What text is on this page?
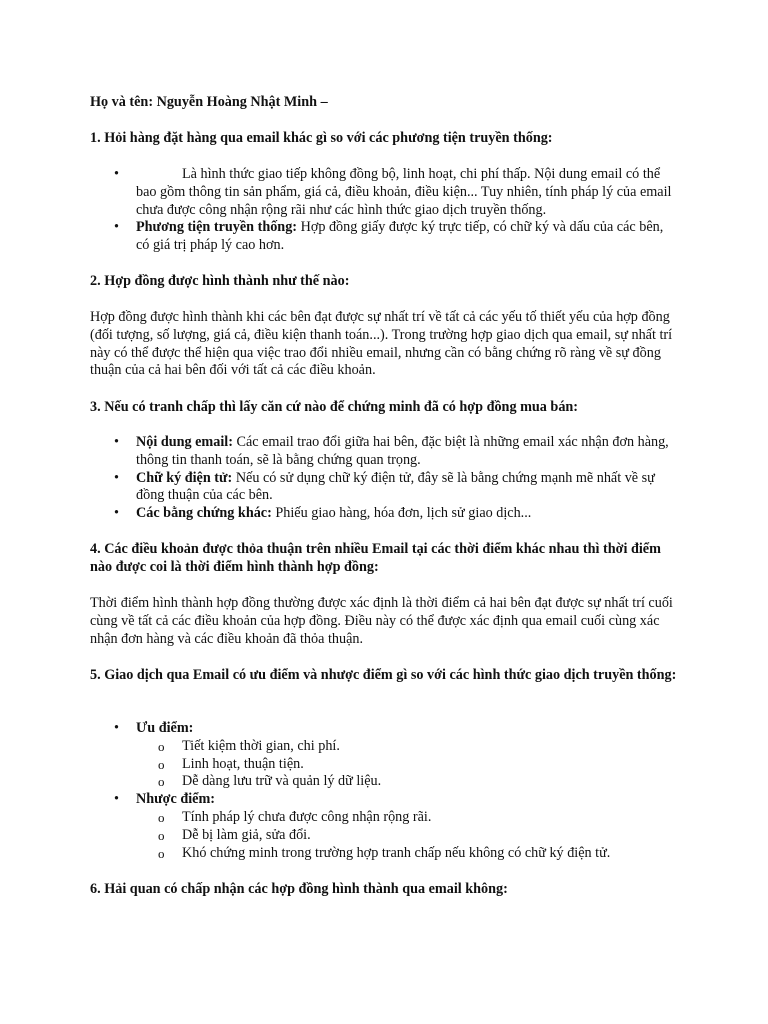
Họ và tên: Nguyễn Hoàng Nhật Minh –

1. Hỏi hàng đặt hàng qua email khác gì so với các phương tiện truyền thống:

• Là hình thức giao tiếp không đồng bộ, linh hoạt, chi phí thấp. Nội dung email có thể bao gồm thông tin sản phẩm, giá cả, điều khoản, điều kiện... Tuy nhiên, tính pháp lý của email chưa được công nhận rộng rãi như các hình thức giao dịch truyền thống.
• Phương tiện truyền thống: Hợp đồng giấy được ký trực tiếp, có chữ ký và dấu của các bên, có giá trị pháp lý cao hơn.

2. Hợp đồng được hình thành như thế nào:

Hợp đồng được hình thành khi các bên đạt được sự nhất trí về tất cả các yếu tố thiết yếu của hợp đồng (đối tượng, số lượng, giá cả, điều kiện thanh toán...). Trong trường hợp giao dịch qua email, sự nhất trí này có thể được thể hiện qua việc trao đổi nhiều email, nhưng cần có bằng chứng rõ ràng về sự đồng thuận của cả hai bên đối với tất cả các điều khoản.

3. Nếu có tranh chấp thì lấy căn cứ nào để chứng minh đã có hợp đồng mua bán:

• Nội dung email: Các email trao đổi giữa hai bên, đặc biệt là những email xác nhận đơn hàng, thông tin thanh toán, sẽ là bằng chứng quan trọng.
• Chữ ký điện tử: Nếu có sử dụng chữ ký điện tử, đây sẽ là bằng chứng mạnh mẽ nhất về sự đồng thuận của các bên.
• Các bằng chứng khác: Phiếu giao hàng, hóa đơn, lịch sử giao dịch...

4. Các điều khoản được thỏa thuận trên nhiều Email tại các thời điểm khác nhau thì thời điểm nào được coi là thời điểm hình thành hợp đồng:

Thời điểm hình thành hợp đồng thường được xác định là thời điểm cả hai bên đạt được sự nhất trí cuối cùng về tất cả các điều khoản của hợp đồng. Điều này có thể được xác định qua email cuối cùng xác nhận đơn hàng và các điều khoản đã thỏa thuận.

5. Giao dịch qua Email có ưu điểm và nhược điểm gì so với các hình thức giao dịch truyền thống:

• Ưu điểm:
o Tiết kiệm thời gian, chi phí.
o Linh hoạt, thuận tiện.
o Dễ dàng lưu trữ và quản lý dữ liệu.
• Nhược điểm:
o Tính pháp lý chưa được công nhận rộng rãi.
o Dễ bị làm giả, sửa đổi.
o Khó chứng minh trong trường hợp tranh chấp nếu không có chữ ký điện tử.

6. Hải quan có chấp nhận các hợp đồng hình thành qua email không:
